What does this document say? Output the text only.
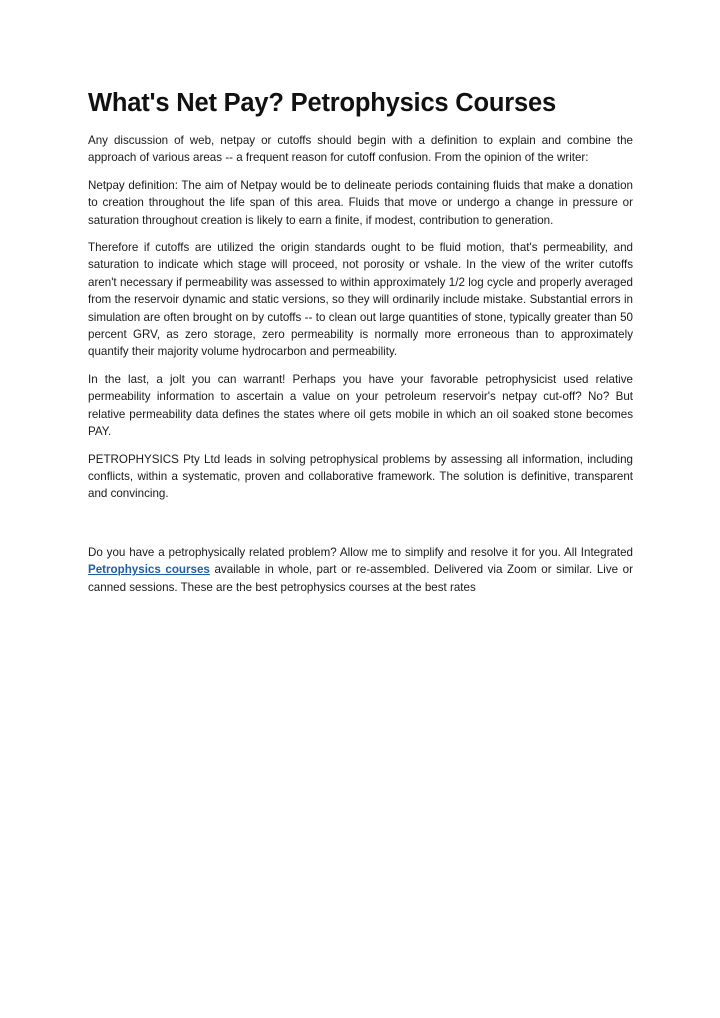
What's Net Pay? Petrophysics Courses

Any discussion of web, netpay or cutoffs should begin with a definition to explain and combine the approach of various areas -- a frequent reason for cutoff confusion. From the opinion of the writer:

Netpay definition: The aim of Netpay would be to delineate periods containing fluids that make a donation to creation throughout the life span of this area. Fluids that move or undergo a change in pressure or saturation throughout creation is likely to earn a finite, if modest, contribution to generation.

Therefore if cutoffs are utilized the origin standards ought to be fluid motion, that's permeability, and saturation to indicate which stage will proceed, not porosity or vshale. In the view of the writer cutoffs aren't necessary if permeability was assessed to within approximately 1/2 log cycle and properly averaged from the reservoir dynamic and static versions, so they will ordinarily include mistake. Substantial errors in simulation are often brought on by cutoffs -- to clean out large quantities of stone, typically greater than 50 percent GRV, as zero storage, zero permeability is normally more erroneous than to approximately quantify their majority volume hydrocarbon and permeability.

In the last, a jolt you can warrant! Perhaps you have your favorable petrophysicist used relative permeability information to ascertain a value on your petroleum reservoir's netpay cut-off? No? But relative permeability data defines the states where oil gets mobile in which an oil soaked stone becomes PAY.

PETROPHYSICS Pty Ltd leads in solving petrophysical problems by assessing all information, including conflicts, within a systematic, proven and collaborative framework. The solution is definitive, transparent and convincing.

Do you have a petrophysically related problem? Allow me to simplify and resolve it for you. All Integrated Petrophysics courses available in whole, part or re-assembled. Delivered via Zoom or similar. Live or canned sessions. These are the best petrophysics courses at the best rates
